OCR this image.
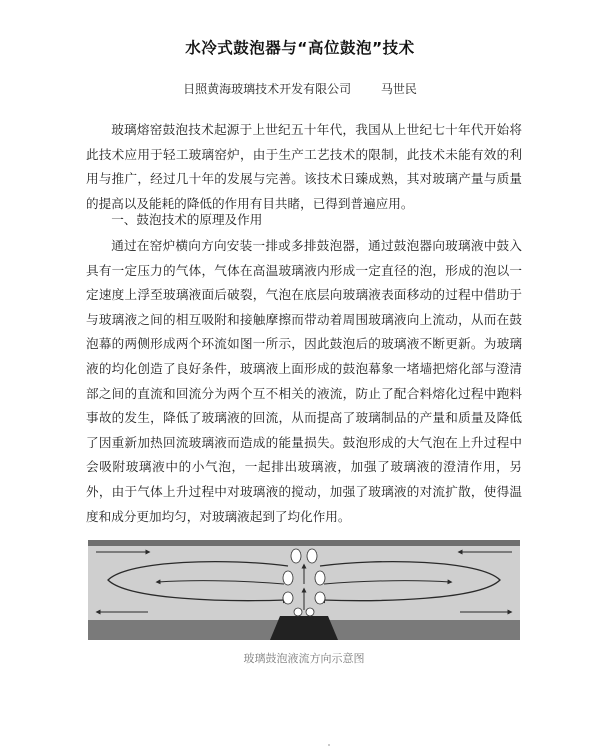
水冷式鼓泡器与“高位鼓泡”技术
日照黄海玻璃技术开发有限公司 马世民
玻璃熔窑鼓泡技术起源于上世纪五十年代，我国从上世纪七十年代开始将此技术应用于轻工玻璃窑炉，由于生产工艺技术的限制，此技术未能有效的利用与推广，经过几十年的发展与完善。该技术日臻成熟，其对玻璃产量与质量的提高以及能耗的降低的作用有目共睹，已得到普遍应用。
一、鼓泡技术的原理及作用
通过在窑炉横向方向安装一排或多排鼓泡器，通过鼓泡器向玻璃液中鼓入具有一定压力的气体，气体在高温玻璃液内形成一定直径的泡，形成的泡以一定速度上浮至玻璃液面后破裂，气泡在底层向玻璃液表面移动的过程中借助于与玻璃液之间的相互吸附和接触摩擦而带动着周围玻璃液向上流动，从而在鼓泡幕的两侧形成两个环流如图一所示，因此鼓泡后的玻璃液不断更新。为玻璃液的均化创造了良好条件，玻璃液上面形成的鼓泡幕象一堵墙把熔化部与澄清部之间的直流和回流分为两个互不相关的液流，防止了配合料熔化过程中跑料事故的发生，降低了玻璃液的回流，从而提高了玻璃制品的产量和质量及降低了因重新加热回流玻璃液而造成的能量损失。鼓泡形成的大气泡在上升过程中会吸附玻璃液中的小气泡，一起排出玻璃液，加强了玻璃液的澄清作用，另外，由于气体上升过程中对玻璃液的搅动，加强了玻璃液的对流扩散，使得温度和成分更加均匀，对玻璃液起到了均化作用。
玻璃鼓泡液流方向示意图
